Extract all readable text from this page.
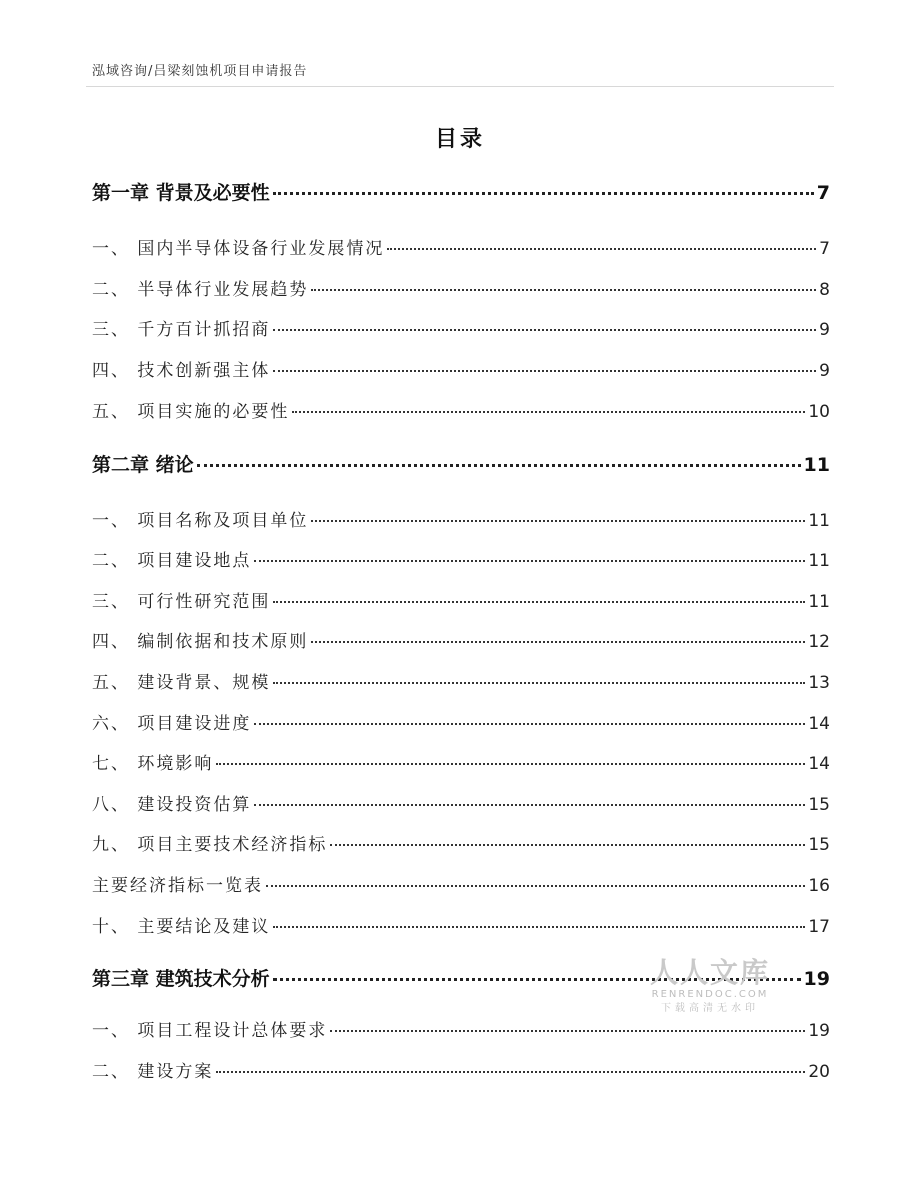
泓域咨询/吕梁刻蚀机项目申请报告
目录
第一章 背景及必要性	7
一、 国内半导体设备行业发展情况	7
二、 半导体行业发展趋势	8
三、 千方百计抓招商	9
四、 技术创新强主体	9
五、 项目实施的必要性	10
第二章 绪论	11
一、 项目名称及项目单位	11
二、 项目建设地点	11
三、 可行性研究范围	11
四、 编制依据和技术原则	12
五、 建设背景、规模	13
六、 项目建设进度	14
七、 环境影响	14
八、 建设投资估算	15
九、 项目主要技术经济指标	15
主要经济指标一览表	16
十、 主要结论及建议	17
第三章 建筑技术分析	19
一、 项目工程设计总体要求	19
二、 建设方案	20
人人文库
RENRENDOC.COM
下载高清无水印
